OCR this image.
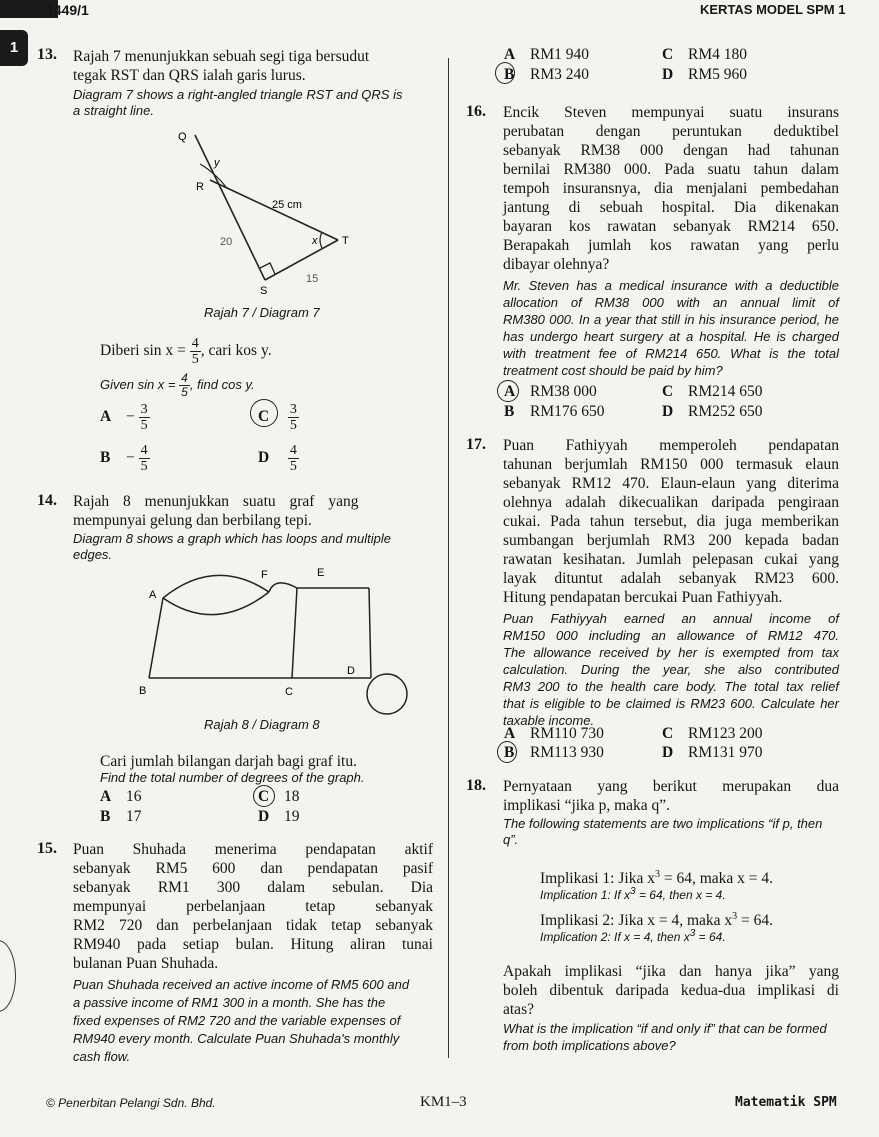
1449/1	KERTAS MODEL SPM 1
1	13. Rajah 7 menunjukkan sebuah segi tiga bersudut
tegak RST dan QRS ialah garis lurus.
Diagram 7 shows a right-angled triangle RST and QRS is
a straight line.
Q
y
R
25 cm
20	x T
15
S
Rajah 7 / Diagram 7
Diberi $\sin x = \frac{4}{5}$ , cari kos y.
Given $\sin x = \frac{4}{5}$ , find cos y.
$A - \frac{3}{5}$
$B - \frac{4}{5}$
C $\frac{3}{5}$
D $\frac{4}{5}$
14. Rajah 8 menunjukkan suatu graf yang
mempunyai gelung dan berbilang tepi.
Diagram 8 shows a graph which has loops and multiple
edges.
A
F	E
B	C
D
Rajah 8 / Diagram 8
Cari jumlah bilangan darjah bagi graf itu.
Find the total number of degrees of the graph.
A 16
B 17
C 18
D 19
15. Puan Shuhada menerima pendapatan aktif
sebanyak RM5 600 dan pendapatan pasif
sebanyak RM1 300 dalam sebulan. Dia
mempunyai perbelanjaan tetap sebanyak
RM2 720 dan perbelanjaan tidak tetap sebanyak
RM940 pada setiap bulan. Hitung aliran tunai
bulanan Puan Shuhada.
Puan Shuhada received an active income of RM5 600 and
a passive income of RM1 300 in a month. She has the
fixed expenses of RM2 720 and the variable expenses of
RM940 every month. Calculate Puan Shuhada's monthly
cash flow.
A RM1 940
B RM3 240
C RM4 180
D RM5 960
16. Encik Steven mempunyai suatu insurans
perubatan dengan peruntukan deduktibel
sebanyak RM38 000 dengan had tahunan
bernilai RM380 000. Pada suatu tahun dalam
tempoh insuransnya, dia menjalani pembedahan
jantung di sebuah hospital. Dia dikenakan
bayaran kos rawatan sebanyak RM214 650.
Berapakah jumlah kos rawatan yang perlu
dibayar olehnya?
Mr. Steven has a medical insurance with a deductible
allocation of RM38 000 with an annual limit of
RM380 000. In a year that still in his insurance period, he
has undergo heart surgery at a hospital. He is charged
with treatment fee of RM214 650. What is the total
treatment cost should be paid by him?
A RM38 000
B RM176 650
C RM214 650
D RM252 650
17. Puan Fathiyyah memperoleh pendapatan
tahunan berjumlah RM150 000 termasuk elaun
sebanyak RM12 470. Elaun-elaun yang diterima
olehnya adalah dikecualikan daripada pengiraan
cukai. Pada tahun tersebut, dia juga memberikan
sumbangan berjumlah RM3 200 kepada badan
rawatan kesihatan. Jumlah pelepasan cukai yang
layak dituntut adalah sebanyak RM23 600.
Hitung pendapatan bercukai Puan Fathiyyah.
Puan Fathiyyah earned an annual income of
RM150 000 including an allowance of RM12 470.
The allowance received by her is exempted from tax
calculation. During the year, she also contributed
RM3 200 to the health care body. The total tax relief
that is eligible to be claimed is RM23 600. Calculate her
taxable income.
A RM110 730
B RM113 930
C RM123 200
D RM131 970
18. Pernyataan yang berikut merupakan dua
implikasi “jika p, maka q”.
The following statements are two implications “if p, then
q”.
Implikasi 1: Jika $x^3 = 64$, maka x = 4.
Implication 1: If $x^3 = 64$, then x = 4.
Implikasi 2: Jika x = 4, maka $x^3 = 64$.
Implication 2: If x = 4, then $x^3 = 64$.
Apakah implikasi “jika dan hanya jika” yang
boleh dibentuk daripada kedua-dua implikasi di
atas?
What is the implication “if and only if” that can be formed
from both implications above?
© Penerbitan Pelangi Sdn. Bhd.	KM1–3	Matematik SPM
